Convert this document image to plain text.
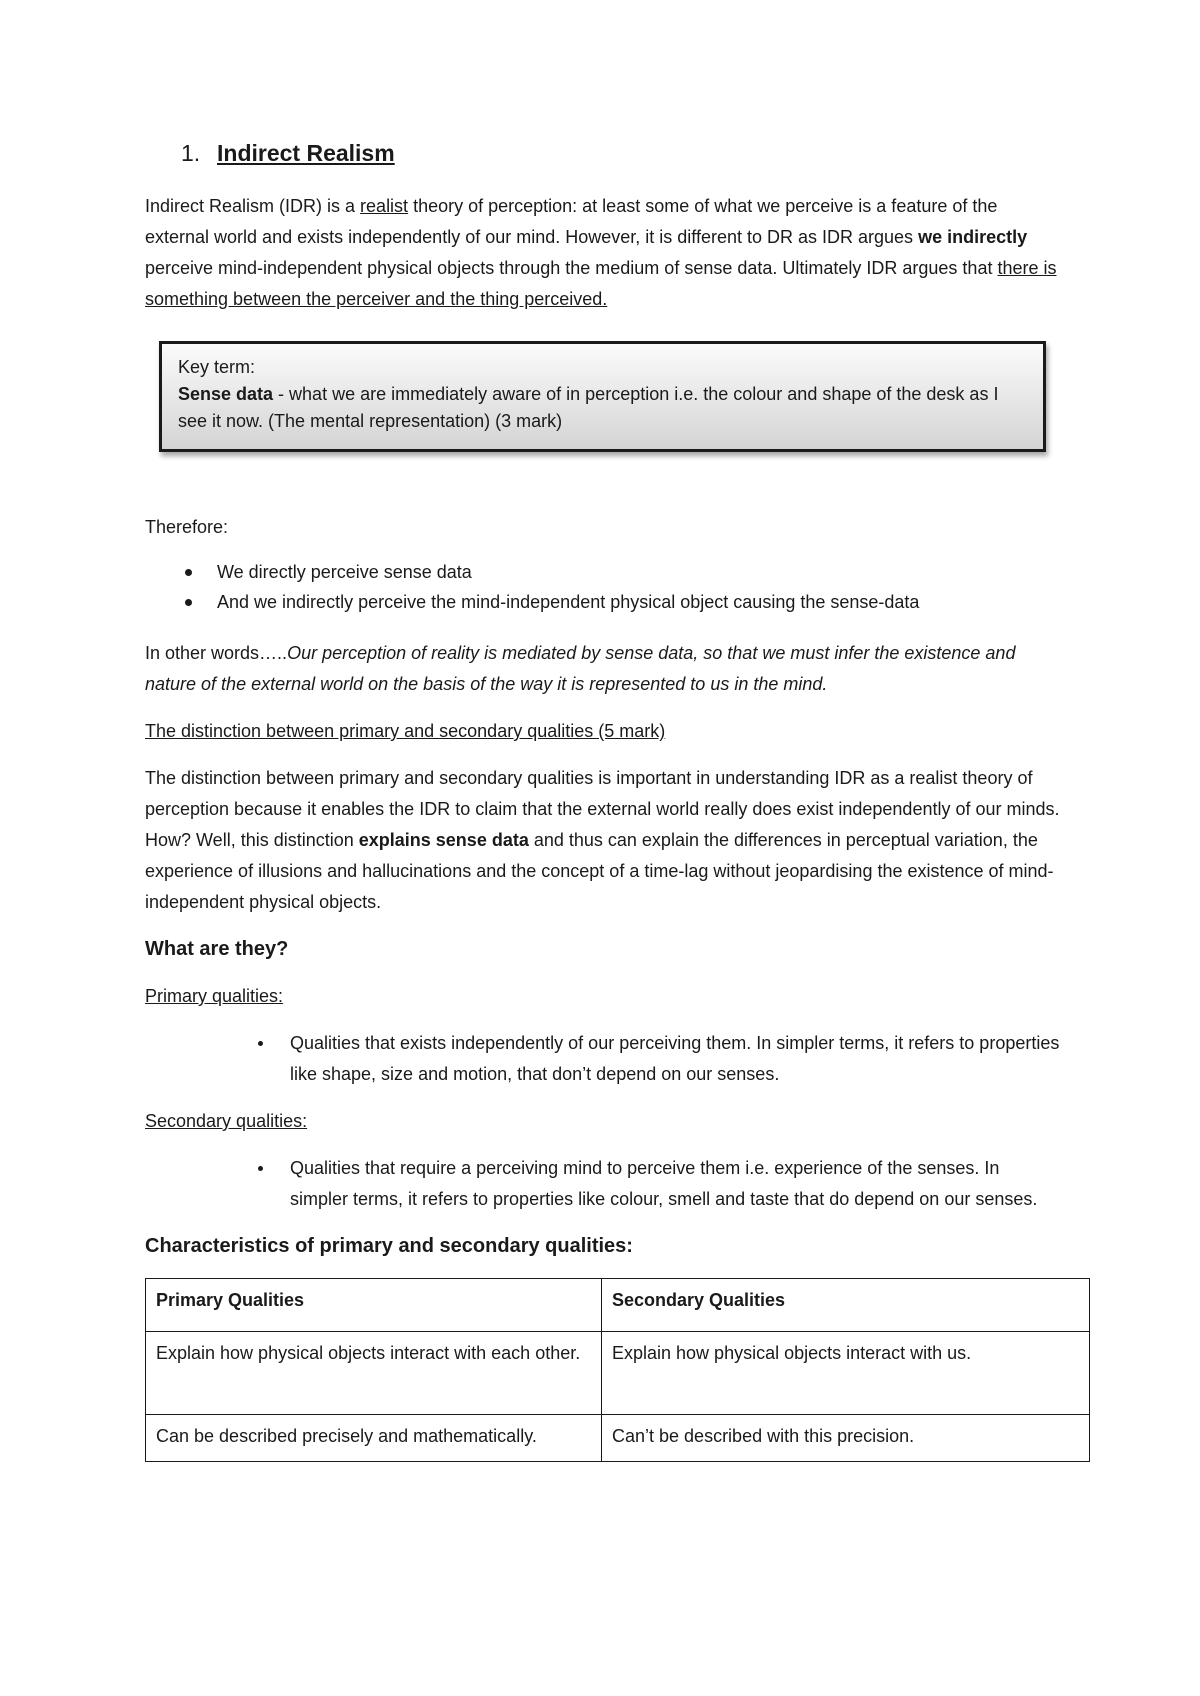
1. Indirect Realism

Indirect Realism (IDR) is a realist theory of perception: at least some of what we perceive is a feature of the external world and exists independently of our mind. However, it is different to DR as IDR argues we indirectly perceive mind-independent physical objects through the medium of sense data. Ultimately IDR argues that there is something between the perceiver and the thing perceived.

Key term:
Sense data - what we are immediately aware of in perception i.e. the colour and shape of the desk as I see it now. (The mental representation) (3 mark)

Therefore:

We directly perceive sense data
And we indirectly perceive the mind-independent physical object causing the sense-data

In other words…..Our perception of reality is mediated by sense data, so that we must infer the existence and nature of the external world on the basis of the way it is represented to us in the mind.

The distinction between primary and secondary qualities (5 mark)

The distinction between primary and secondary qualities is important in understanding IDR as a realist theory of perception because it enables the IDR to claim that the external world really does exist independently of our minds. How? Well, this distinction explains sense data and thus can explain the differences in perceptual variation, the experience of illusions and hallucinations and the concept of a time-lag without jeopardising the existence of mind-independent physical objects.

What are they?

Primary qualities:

Qualities that exists independently of our perceiving them. In simpler terms, it refers to properties like shape, size and motion, that don’t depend on our senses.

Secondary qualities:

Qualities that require a perceiving mind to perceive them i.e. experience of the senses. In simpler terms, it refers to properties like colour, smell and taste that do depend on our senses.

Characteristics of primary and secondary qualities:

Primary Qualities	Secondary Qualities
Explain how physical objects interact with each other.	Explain how physical objects interact with us.
Can be described precisely and mathematically.	Can’t be described with this precision.
